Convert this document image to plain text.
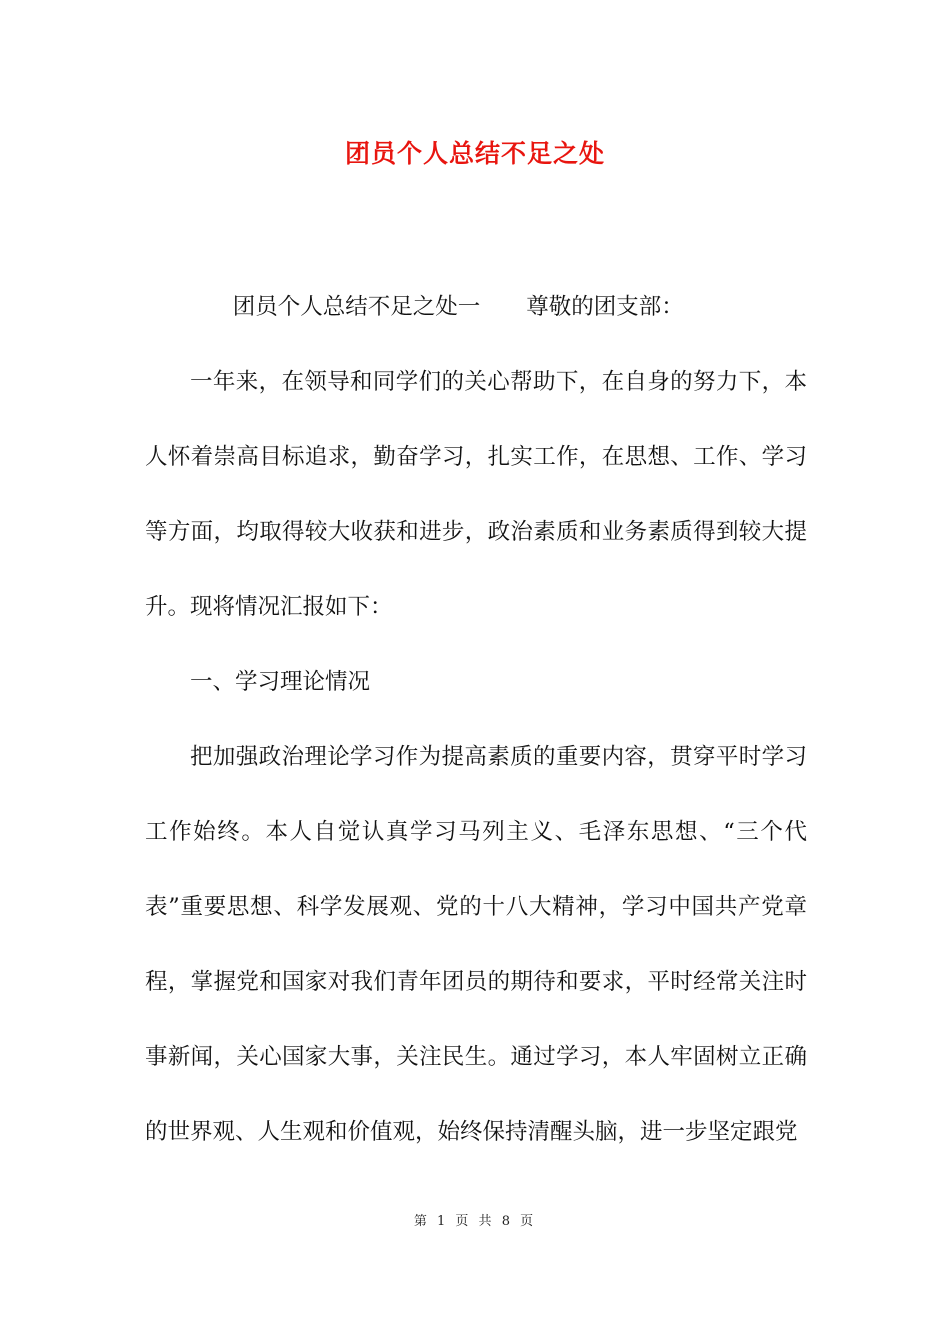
团员个人总结不足之处

团员个人总结不足之处一 尊敬的团支部：

一年来，在领导和同学们的关心帮助下，在自身的努力下，本人怀着崇高目标追求，勤奋学习，扎实工作，在思想、工作、学习等方面，均取得较大收获和进步，政治素质和业务素质得到较大提升。现将情况汇报如下：

一、学习理论情况

把加强政治理论学习作为提高素质的重要内容，贯穿平时学习工作始终。本人自觉认真学习马列主义、毛泽东思想、“三个代表”重要思想、科学发展观、党的十八大精神，学习中国共产党章程，掌握党和国家对我们青年团员的期待和要求，平时经常关注时事新闻，关心国家大事，关注民生。通过学习，本人牢固树立正确的世界观、人生观和价值观，始终保持清醒头脑，进一步坚定跟党

第 1 页 共 8 页
